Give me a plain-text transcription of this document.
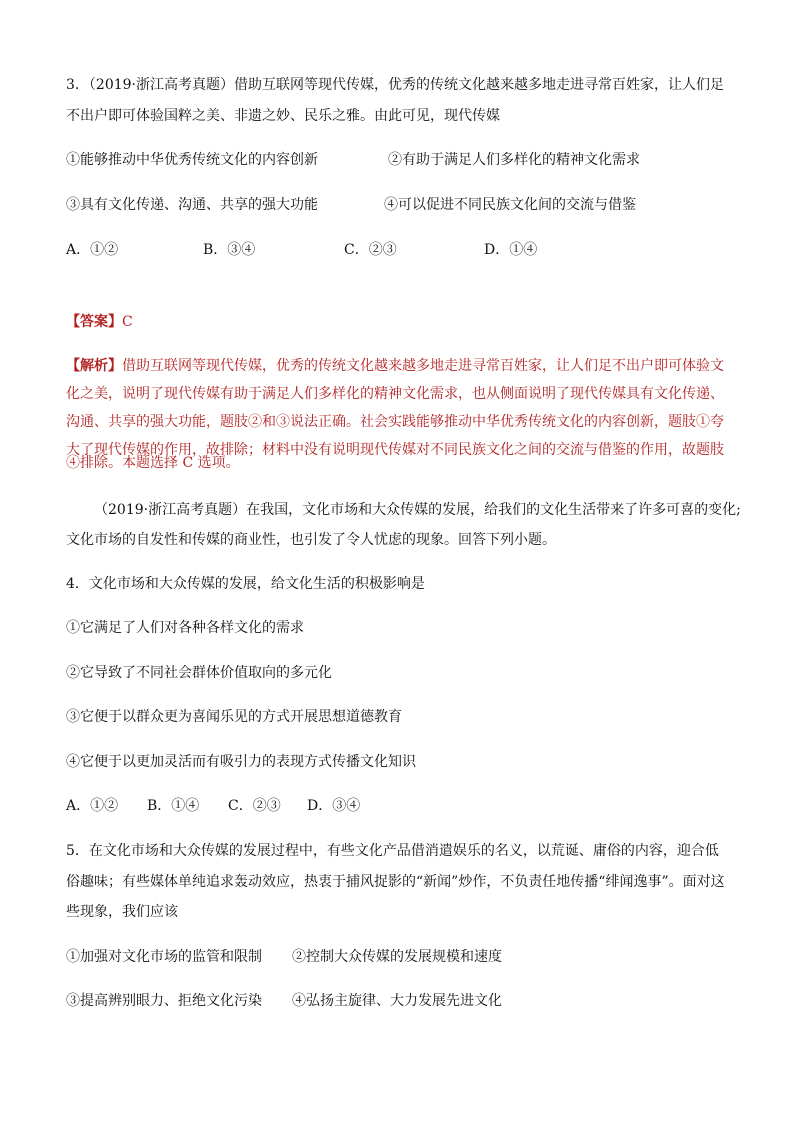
3．（2019·浙江高考真题）借助互联网等现代传媒，优秀的传统文化越来越多地走进寻常百姓家，让人们足
不出户即可体验国粹之美、非遗之妙、民乐之雅。由此可见，现代传媒
①能够推动中华优秀传统文化的内容创新	②有助于满足人们多样化的精神文化需求
③具有文化传递、沟通、共享的强大功能	④可以促进不同民族文化间的交流与借鉴
A．①②	B．③④	C．②③	D．①④
【答案】C
【解析】借助互联网等现代传媒，优秀的传统文化越来越多地走进寻常百姓家，让人们足不出户即可体验文
化之美，说明了现代传媒有助于满足人们多样化的精神文化需求，也从侧面说明了现代传媒具有文化传递、
沟通、共享的强大功能，题肢②和③说法正确。社会实践能够推动中华优秀传统文化的内容创新，题肢①夸
大了现代传媒的作用，故排除；材料中没有说明现代传媒对不同民族文化之间的交流与借鉴的作用，故题肢
④排除。本题选择 C 选项。
（2019·浙江高考真题）在我国，文化市场和大众传媒的发展，给我们的文化生活带来了许多可喜的变化;
文化市场的自发性和传媒的商业性，也引发了令人忧虑的现象。回答下列小题。
4．文化市场和大众传媒的发展，给文化生活的积极影响是
①它满足了人们对各种各样文化的需求
②它导致了不同社会群体价值取向的多元化
③它便于以群众更为喜闻乐见的方式开展思想道德教育
④它便于以更加灵活而有吸引力的表现方式传播文化知识
A．①② B．①④ C．②③ D．③④
5．在文化市场和大众传媒的发展过程中，有些文化产品借消遣娱乐的名义，以荒诞、庸俗的内容，迎合低
俗趣味；有些媒体单纯追求轰动效应，热衷于捕风捉影的“新闻”炒作，不负责任地传播“绯闻逸事”。面对这
些现象，我们应该
①加强对文化市场的监管和限制 ②控制大众传媒的发展规模和速度
③提高辨别眼力、拒绝文化污染 ④弘扬主旋律、大力发展先进文化
